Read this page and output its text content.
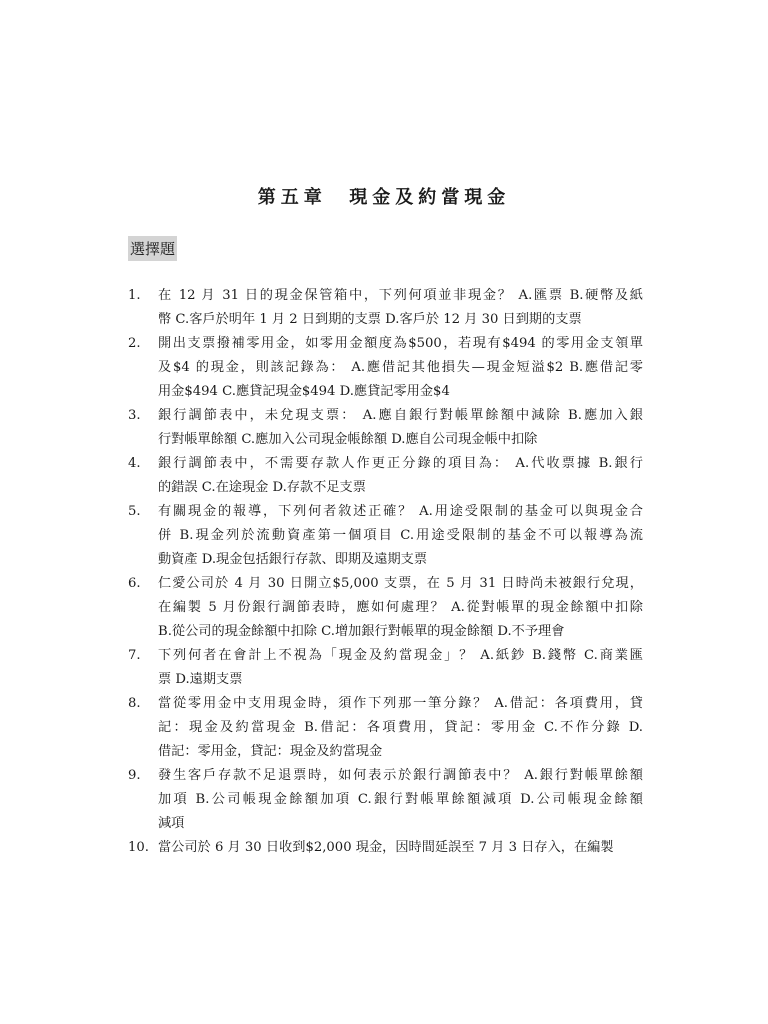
第五章  現金及約當現金
選擇題
1. 在 12 月 31 日的現金保管箱中，下列何項並非現金？ A.匯票 B.硬幣及紙
幣 C.客戶於明年 1 月 2 日到期的支票 D.客戶於 12 月 30 日到期的支票
2. 開出支票撥補零用金，如零用金額度為$500，若現有$494 的零用金支領單
及$4 的現金，則該記錄為： A.應借記其他損失—現金短溢$2 B.應借記零
用金$494 C.應貸記現金$494 D.應貸記零用金$4
3. 銀行調節表中，未兌現支票： A.應自銀行對帳單餘額中減除 B.應加入銀
行對帳單餘額 C.應加入公司現金帳餘額 D.應自公司現金帳中扣除
4. 銀行調節表中，不需要存款人作更正分錄的項目為： A.代收票據 B.銀行
的錯誤 C.在途現金 D.存款不足支票
5. 有關現金的報導，下列何者敘述正確？ A.用途受限制的基金可以與現金合
併 B.現金列於流動資產第一個項目 C.用途受限制的基金不可以報導為流
動資產 D.現金包括銀行存款、即期及遠期支票
6. 仁愛公司於 4 月 30 日開立$5,000 支票，在 5 月 31 日時尚未被銀行兌現，
在編製 5 月份銀行調節表時，應如何處理？ A.從對帳單的現金餘額中扣除
B.從公司的現金餘額中扣除 C.增加銀行對帳單的現金餘額 D.不予理會
7. 下列何者在會計上不視為「現金及約當現金」？ A.紙鈔 B.錢幣 C.商業匯
票 D.遠期支票
8. 當從零用金中支用現金時，須作下列那一筆分錄？ A.借記：各項費用，貸
記：現金及約當現金 B.借記：各項費用，貸記：零用金 C.不作分錄 D.
借記：零用金，貸記：現金及約當現金
9. 發生客戶存款不足退票時，如何表示於銀行調節表中？ A.銀行對帳單餘額
加項 B.公司帳現金餘額加項 C.銀行對帳單餘額減項 D.公司帳現金餘額
減項
10. 當公司於 6 月 30 日收到$2,000 現金，因時間延誤至 7 月 3 日存入，在編製
